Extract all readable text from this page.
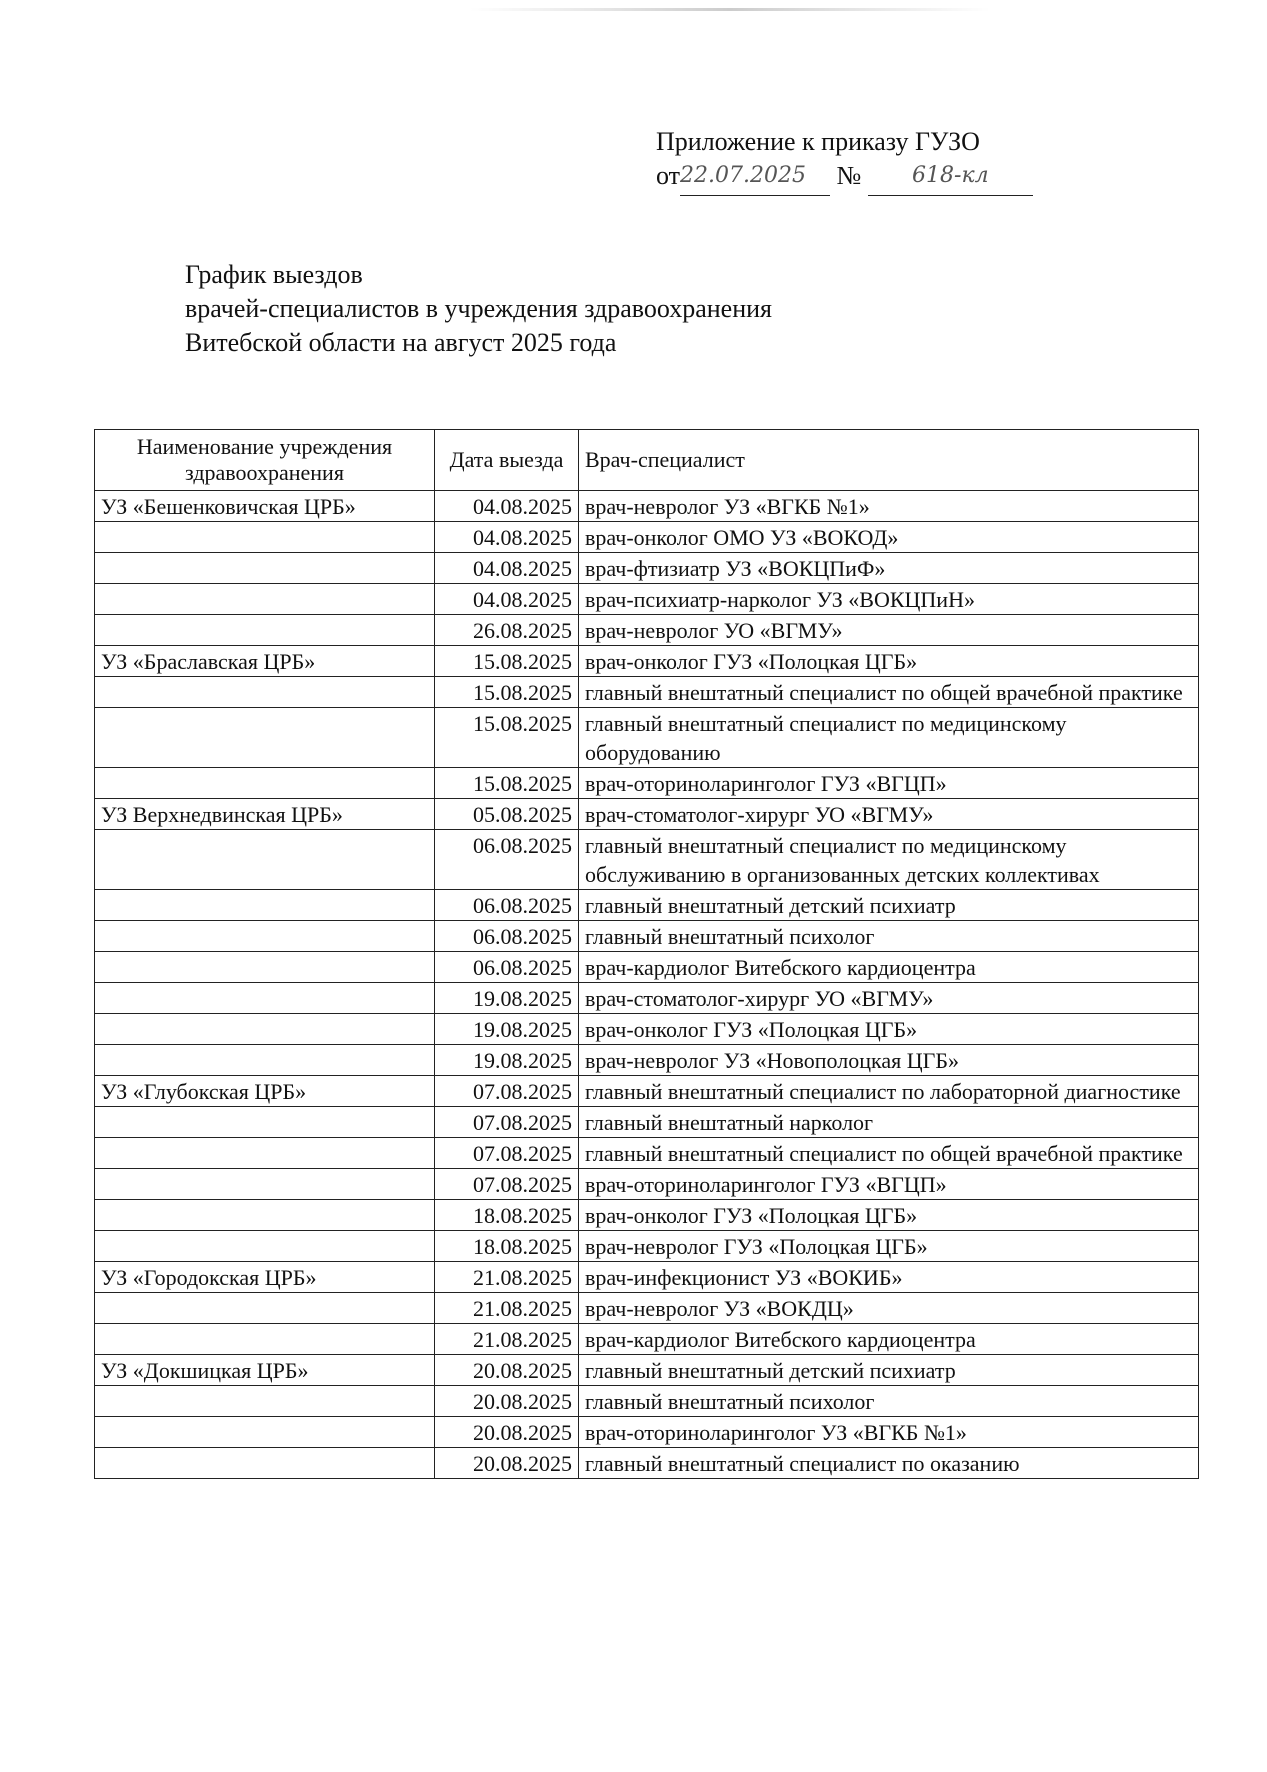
Приложение к приказу ГУЗО
от22.07.2025 № 618-кл
График выездов
врачей-специалистов в учреждения здравоохранения
Витебской области на август 2025 года
Наименование учреждения здравоохранения	Дата выезда	Врач-специалист
УЗ «Бешенковичская ЦРБ»	04.08.2025	врач-невролог УЗ «ВГКБ №1»
	04.08.2025	врач-онколог ОМО УЗ «ВОКОД»
	04.08.2025	врач-фтизиатр УЗ «ВОКЦПиФ»
	04.08.2025	врач-психиатр-нарколог УЗ «ВОКЦПиН»
	26.08.2025	врач-невролог УО «ВГМУ»
УЗ «Браславская ЦРБ»	15.08.2025	врач-онколог ГУЗ «Полоцкая ЦГБ»
	15.08.2025	главный внештатный специалист по общей врачебной практике
	15.08.2025	главный внештатный специалист по медицинскому оборудованию
	15.08.2025	врач-оториноларинголог ГУЗ «ВГЦП»
УЗ Верхнедвинская ЦРБ»	05.08.2025	врач-стоматолог-хирург УО «ВГМУ»
	06.08.2025	главный внештатный специалист по медицинскому обслуживанию в организованных детских коллективах
	06.08.2025	главный внештатный детский психиатр
	06.08.2025	главный внештатный психолог
	06.08.2025	врач-кардиолог Витебского кардиоцентра
	19.08.2025	врач-стоматолог-хирург УО «ВГМУ»
	19.08.2025	врач-онколог ГУЗ «Полоцкая ЦГБ»
	19.08.2025	врач-невролог УЗ «Новополоцкая ЦГБ»
УЗ «Глубокская ЦРБ»	07.08.2025	главный внештатный специалист по лабораторной диагностике
	07.08.2025	главный внештатный нарколог
	07.08.2025	главный внештатный специалист по общей врачебной практике
	07.08.2025	врач-оториноларинголог ГУЗ «ВГЦП»
	18.08.2025	врач-онколог ГУЗ «Полоцкая ЦГБ»
	18.08.2025	врач-невролог ГУЗ «Полоцкая ЦГБ»
УЗ «Городокская ЦРБ»	21.08.2025	врач-инфекционист УЗ «ВОКИБ»
	21.08.2025	врач-невролог УЗ «ВОКДЦ»
	21.08.2025	врач-кардиолог Витебского кардиоцентра
УЗ «Докшицкая ЦРБ»	20.08.2025	главный внештатный детский психиатр
	20.08.2025	главный внештатный психолог
	20.08.2025	врач-оториноларинголог УЗ «ВГКБ №1»
	20.08.2025	главный внештатный специалист по оказанию
